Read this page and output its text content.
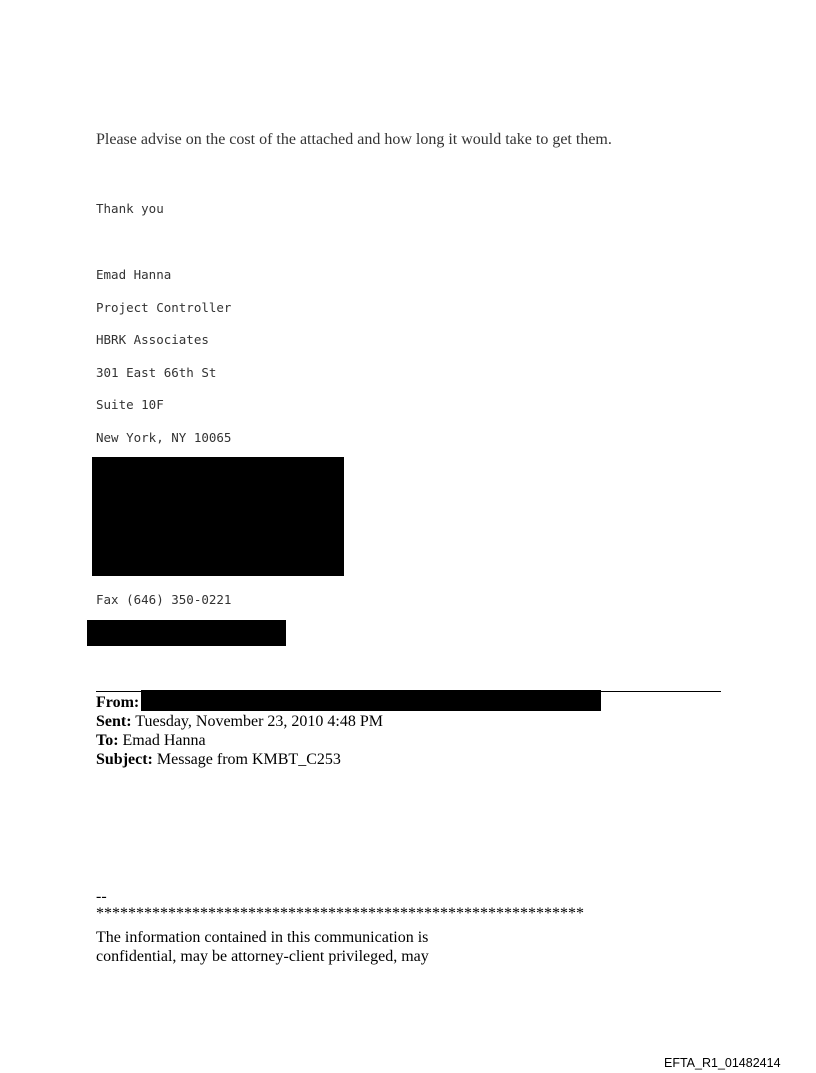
Please advise on the cost of the attached and how long it would take to get them.
Thank you
Emad Hanna
Project Controller
HBRK Associates
301 East 66th St
Suite 10F
New York, NY 10065
Fax (646) 350-0221
From:
Sent: Tuesday, November 23, 2010 4:48 PM
To: Emad Hanna
Subject: Message from KMBT_C253
--
*************************************************************
The information contained in this communication is
confidential, may be attorney-client privileged, may
EFTA_R1_01482414
